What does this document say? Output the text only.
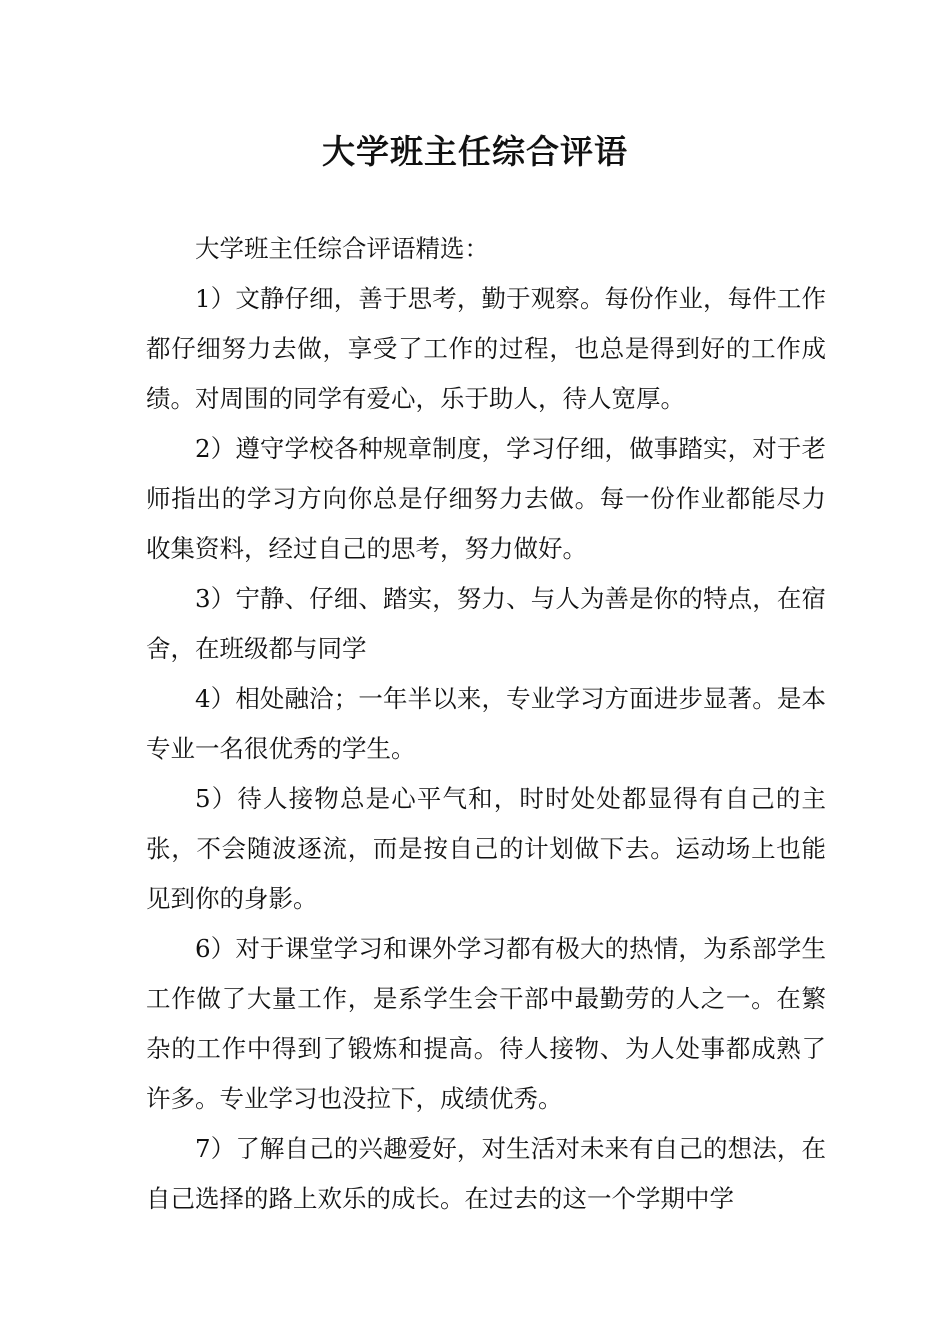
大学班主任综合评语

大学班主任综合评语精选：

1）文静仔细，善于思考，勤于观察。每份作业，每件工作都仔细努力去做，享受了工作的过程，也总是得到好的工作成绩。对周围的同学有爱心，乐于助人，待人宽厚。

2）遵守学校各种规章制度，学习仔细，做事踏实，对于老师指出的学习方向你总是仔细努力去做。每一份作业都能尽力收集资料，经过自己的思考，努力做好。

3）宁静、仔细、踏实，努力、与人为善是你的特点，在宿舍，在班级都与同学

4）相处融洽；一年半以来，专业学习方面进步显著。是本专业一名很优秀的学生。

5）待人接物总是心平气和，时时处处都显得有自己的主张，不会随波逐流，而是按自己的计划做下去。运动场上也能见到你的身影。

6）对于课堂学习和课外学习都有极大的热情，为系部学生工作做了大量工作，是系学生会干部中最勤劳的人之一。在繁杂的工作中得到了锻炼和提高。待人接物、为人处事都成熟了许多。专业学习也没拉下，成绩优秀。

7）了解自己的兴趣爱好，对生活对未来有自己的想法，在自己选择的路上欢乐的成长。在过去的这一个学期中学
